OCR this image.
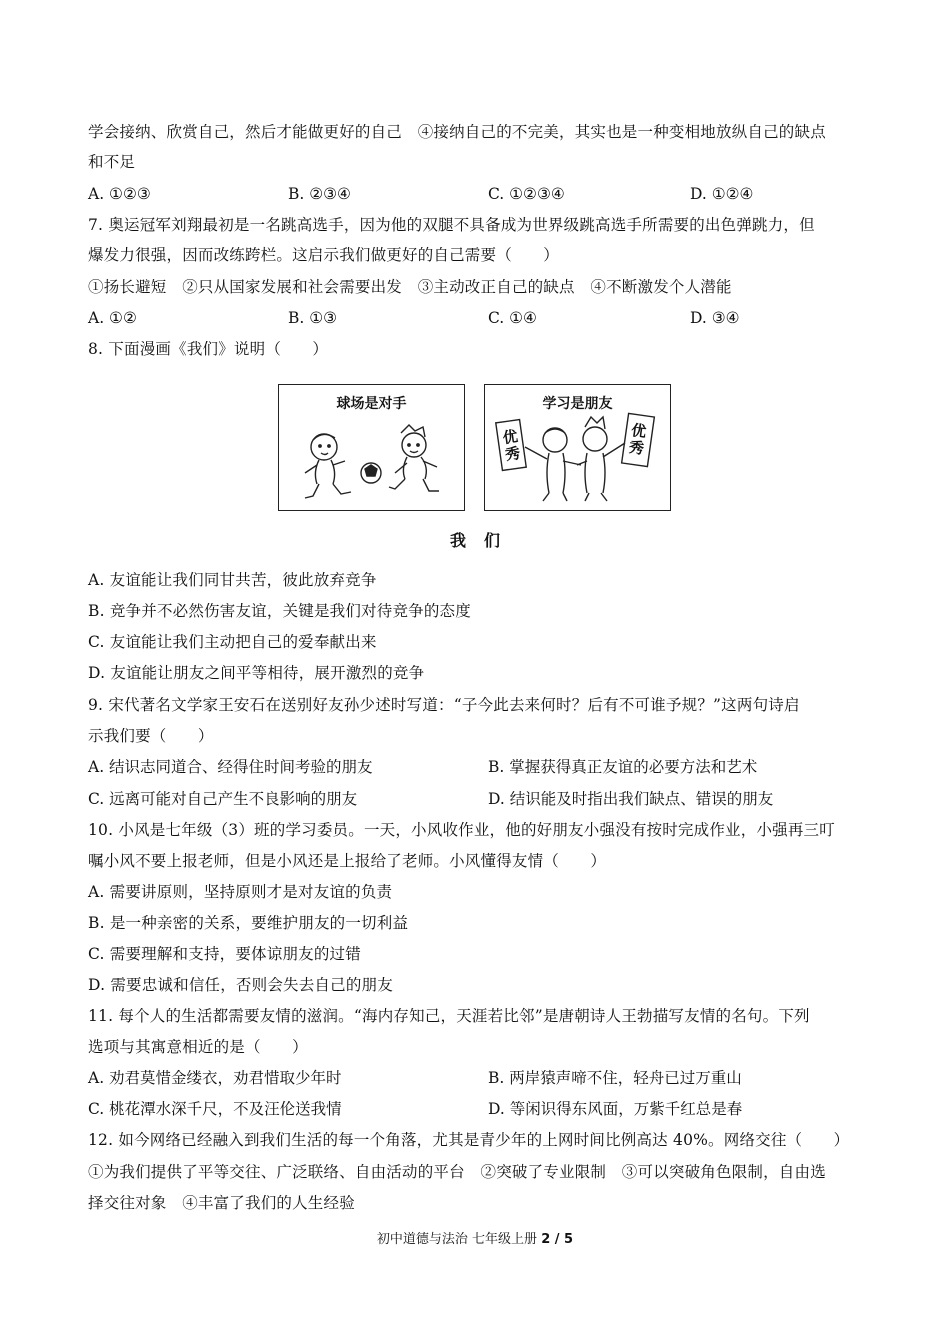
学会接纳、欣赏自己，然后才能做更好的自己　④接纳自己的不完美，其实也是一种变相地放纵自己的缺点
和不足
A. ①②③	B. ②③④	C. ①②③④	D. ①②④
7. 奥运冠军刘翔最初是一名跳高选手，因为他的双腿不具备成为世界级跳高选手所需要的出色弹跳力，但
爆发力很强，因而改练跨栏。这启示我们做更好的自己需要（　　）
①扬长避短　②只从国家发展和社会需要出发　③主动改正自己的缺点　④不断激发个人潜能
A. ①②	B. ①③	C. ①④	D. ③④
8. 下面漫画《我们》说明（　　）
球场是对手	学习是朋友
优秀
优秀
我们
A. 友谊能让我们同甘共苦，彼此放弃竞争
B. 竞争并不必然伤害友谊，关键是我们对待竞争的态度
C. 友谊能让我们主动把自己的爱奉献出来
D. 友谊能让朋友之间平等相待，展开激烈的竞争
9. 宋代著名文学家王安石在送别好友孙少述时写道：“子今此去来何时？后有不可谁予规？”这两句诗启
示我们要（　　）
A. 结识志同道合、经得住时间考验的朋友	B. 掌握获得真正友谊的必要方法和艺术
C. 远离可能对自己产生不良影响的朋友	D. 结识能及时指出我们缺点、错误的朋友
10. 小风是七年级（3）班的学习委员。一天，小风收作业，他的好朋友小强没有按时完成作业，小强再三叮
嘱小风不要上报老师，但是小风还是上报给了老师。小风懂得友情（　　）
A. 需要讲原则，坚持原则才是对友谊的负责
B. 是一种亲密的关系，要维护朋友的一切利益
C. 需要理解和支持，要体谅朋友的过错
D. 需要忠诚和信任，否则会失去自己的朋友
11. 每个人的生活都需要友情的滋润。“海内存知己，天涯若比邻”是唐朝诗人王勃描写友情的名句。下列
选项与其寓意相近的是（　　）
A. 劝君莫惜金缕衣，劝君惜取少年时	B. 两岸猿声啼不住，轻舟已过万重山
C. 桃花潭水深千尺，不及汪伦送我情	D. 等闲识得东风面，万紫千红总是春
12. 如今网络已经融入到我们生活的每一个角落，尤其是青少年的上网时间比例高达 40%。网络交往（　　）
①为我们提供了平等交往、广泛联络、自由活动的平台　②突破了专业限制　③可以突破角色限制，自由选
择交往对象　④丰富了我们的人生经验
初中道德与法治 七年级上册 2 / 5
